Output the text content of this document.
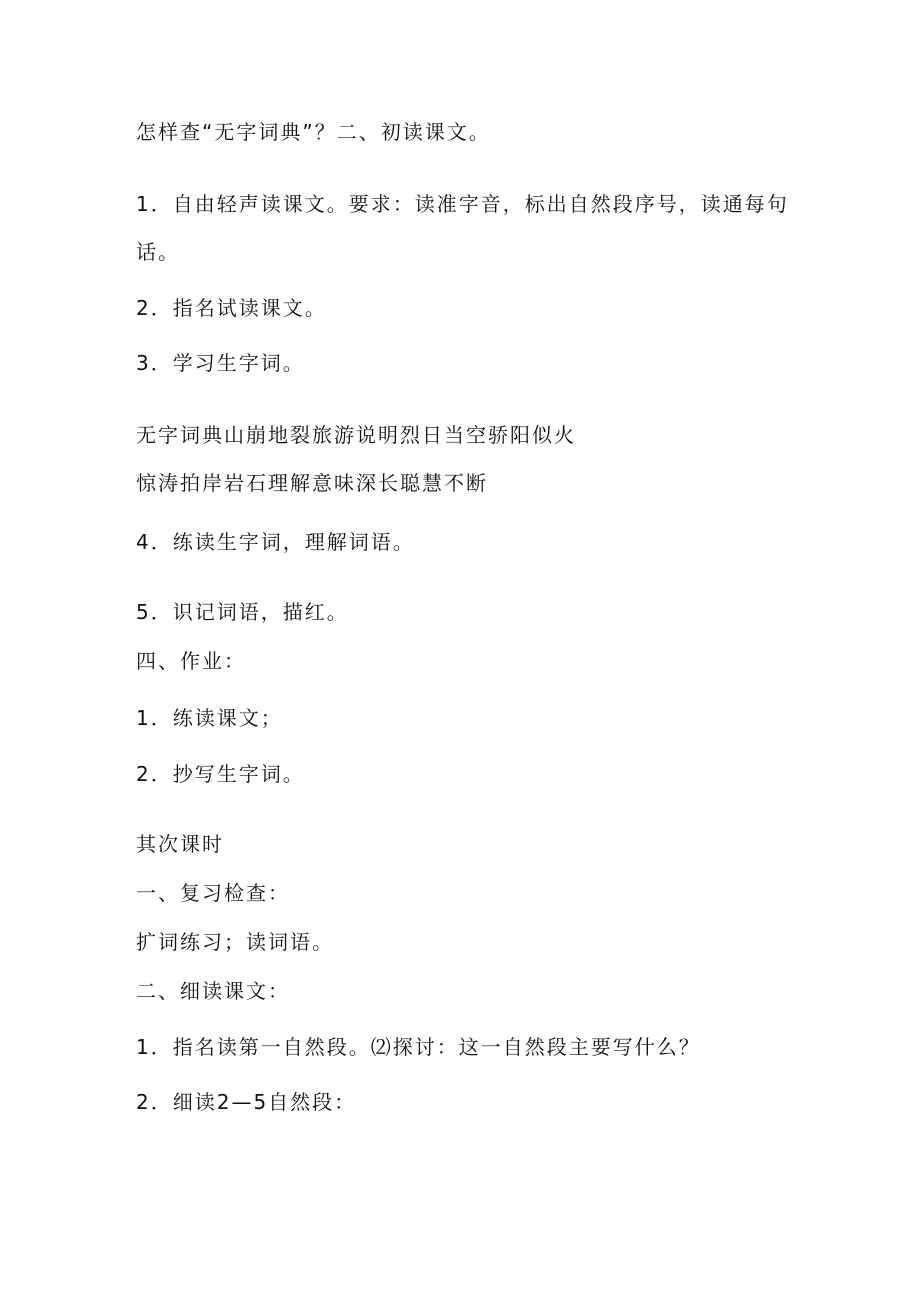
怎样查“无字词典”？二、初读课文。

1．自由轻声读课文。要求：读准字音，标出自然段序号，读通每句

话。

2．指名试读课文。

3．学习生字词。

无字词典山崩地裂旅游说明烈日当空骄阳似火

惊涛拍岸岩石理解意味深长聪慧不断

4．练读生字词，理解词语。

5．识记词语，描红。

四、作业：

1．练读课文；

2．抄写生字词。

其次课时

一、复习检查：

扩词练习；读词语。

二、细读课文：

1．指名读第一自然段。⑵探讨：这一自然段主要写什么？

2．细读2—5自然段：
